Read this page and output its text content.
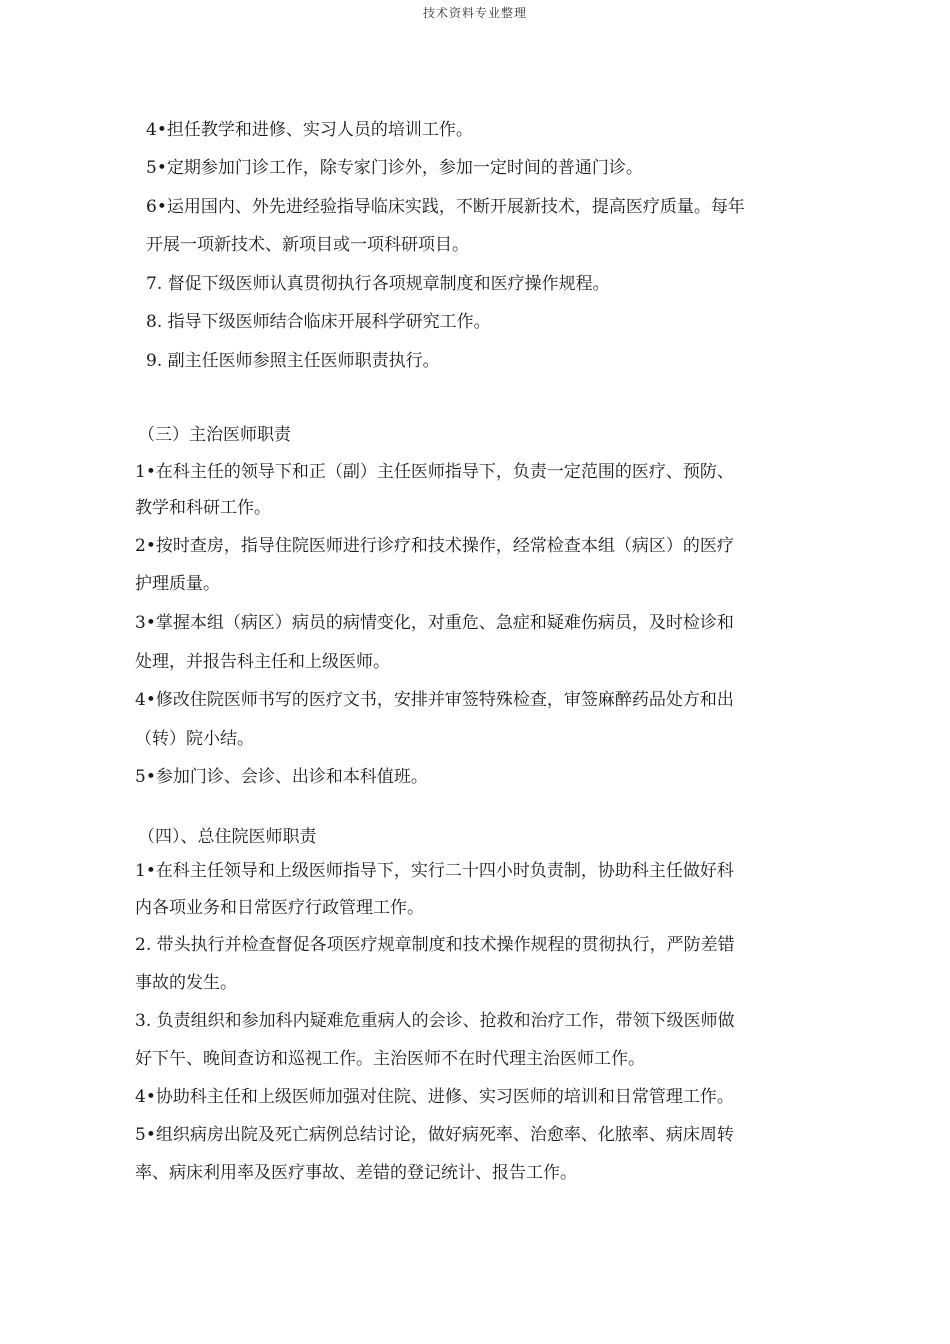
技术资料专业整理
4•担任教学和进修、实习人员的培训工作。
5•定期参加门诊工作，除专家门诊外，参加一定时间的普通门诊。
6•运用国内、外先进经验指导临床实践，不断开展新技术，提高医疗质量。每年
开展一项新技术、新项目或一项科研项目。
7. 督促下级医师认真贯彻执行各项规章制度和医疗操作规程。
8. 指导下级医师结合临床开展科学研究工作。
9. 副主任医师参照主任医师职责执行。
（三）主治医师职责
1•在科主任的领导下和正（副）主任医师指导下，负责一定范围的医疗、预防、
教学和科研工作。
2•按时查房，指导住院医师进行诊疗和技术操作，经常检查本组（病区）的医疗
护理质量。
3•掌握本组（病区）病员的病情变化，对重危、急症和疑难伤病员，及时检诊和
处理，并报告科主任和上级医师。
4•修改住院医师书写的医疗文书，安排并审签特殊检查，审签麻醉药品处方和出
（转）院小结。
5•参加门诊、会诊、出诊和本科值班。
（四）、总住院医师职责
1•在科主任领导和上级医师指导下，实行二十四小时负责制，协助科主任做好科
内各项业务和日常医疗行政管理工作。
2. 带头执行并检查督促各项医疗规章制度和技术操作规程的贯彻执行，严防差错
事故的发生。
3. 负责组织和参加科内疑难危重病人的会诊、抢救和治疗工作，带领下级医师做
好下午、晚间查访和巡视工作。主治医师不在时代理主治医师工作。
4•协助科主任和上级医师加强对住院、进修、实习医师的培训和日常管理工作。
5•组织病房出院及死亡病例总结讨论，做好病死率、治愈率、化脓率、病床周转
率、病床利用率及医疗事故、差错的登记统计、报告工作。
